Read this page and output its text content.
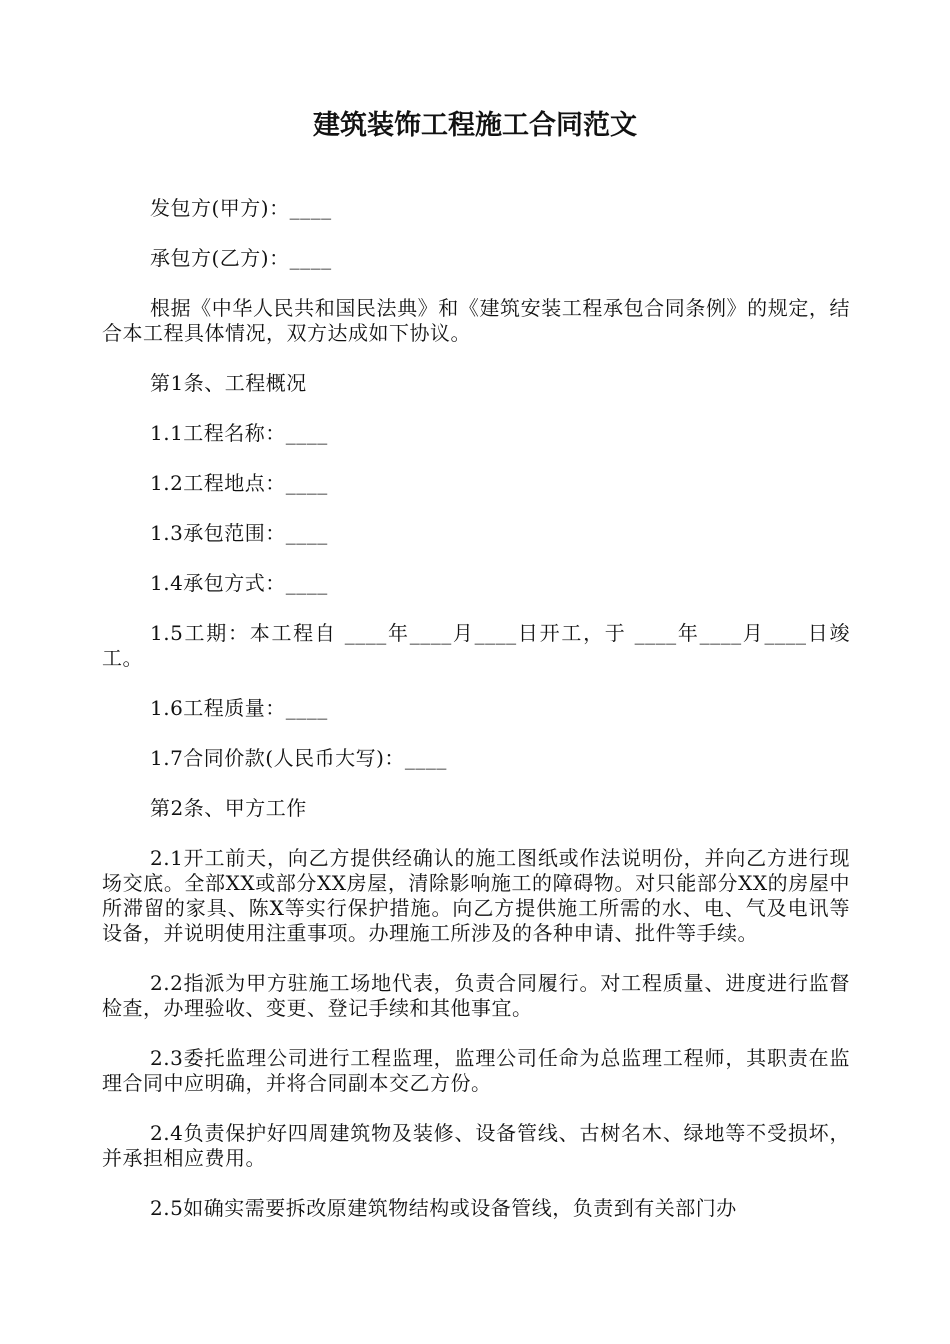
建筑装饰工程施工合同范文

发包方(甲方)：____

承包方(乙方)：____

根据《中华人民共和国民法典》和《建筑安装工程承包合同条例》的规定，结合本工程具体情况，双方达成如下协议。

第1条、工程概况

1.1工程名称：____

1.2工程地点：____

1.3承包范围：____

1.4承包方式：____

1.5工期：本工程自 ____年____月____日开工，于 ____年____月____日竣工。

1.6工程质量：____

1.7合同价款(人民币大写)：____

第2条、甲方工作

2.1开工前天，向乙方提供经确认的施工图纸或作法说明份，并向乙方进行现场交底。全部XX或部分XX房屋，清除影响施工的障碍物。对只能部分XX的房屋中所滞留的家具、陈X等实行保护措施。向乙方提供施工所需的水、电、气及电讯等设备，并说明使用注重事项。办理施工所涉及的各种申请、批件等手续。

2.2指派为甲方驻施工场地代表，负责合同履行。对工程质量、进度进行监督检查，办理验收、变更、登记手续和其他事宜。

2.3委托监理公司进行工程监理，监理公司任命为总监理工程师，其职责在监理合同中应明确，并将合同副本交乙方份。

2.4负责保护好四周建筑物及装修、设备管线、古树名木、绿地等不受损坏，并承担相应费用。

2.5如确实需要拆改原建筑物结构或设备管线，负责到有关部门办
